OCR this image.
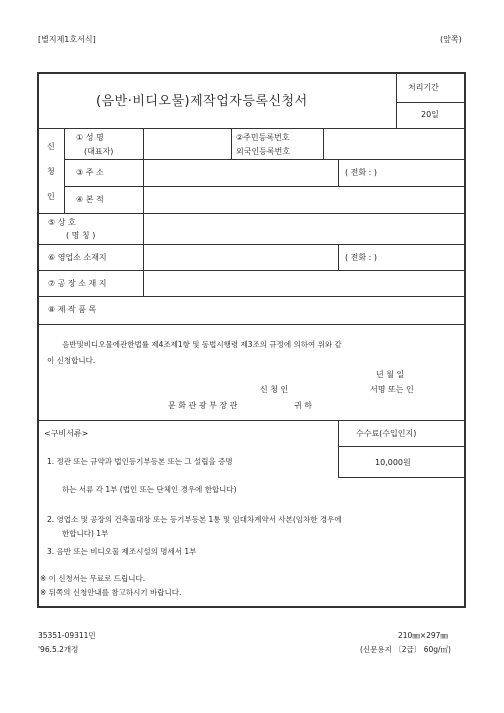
[별지제1호서식]	(앞쪽)
(음반·비디오물)제작업자등록신청서
처리기간
20일
신
청
인
① 성 명
(대표자)
②주민등록번호
외국인등록번호
③ 주 소	( 전화 : )
④ 본 적
⑤ 상 호
( 명 칭 )
⑥ 영업소 소재지	( 전화 : )
⑦ 공 장 소 재 지
⑧ 제 작 품 목
음반및비디오물에관한법률 제4조제1항 및 동법시행령 제3조의 규정에 의하여 위와 같
이 신청합니다.
년 월 일
신 청 인	서명 또는 인
문 화 관 광 부 장 관	귀 하
<구비서류>	수수료(수입인지)
10,000원
1. 정관 또는 규약과 법인등기부등본 또는 그 설립을 증명
하는 서류 각 1부 (법인 또는 단체인 경우에 한합니다)
2. 영업소 및 공장의 건축물대장 또는 등기부등본 1통 및 임대차계약서 사본(임차한 경우에
한합니다) 1부
3. 음반 또는 비디오물 제조시설의 명세서 1부
※ 이 신청서는 무료로 드립니다.
※ 뒤쪽의 신청안내를 참고하시기 바랍니다.
35351-09311민
'96.5.2개정
210㎜×297㎜
(신문용지 〔2급〕 60g/㎡)
